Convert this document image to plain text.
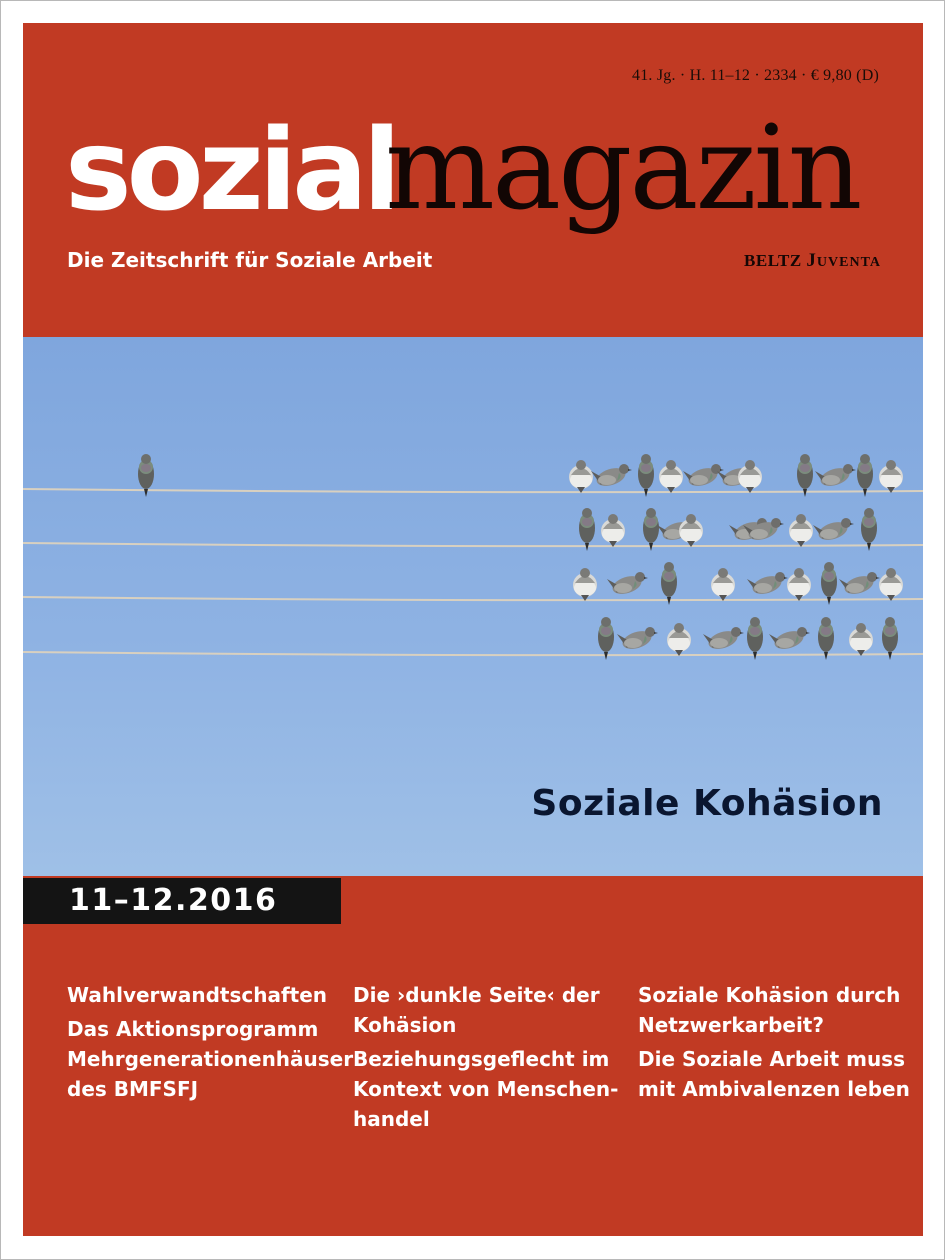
41. Jg. · H. 11–12 · 2334 · € 9,80 (D)
sozial
magazin
Die Zeitschrift für Soziale Arbeit	BELTZ JUVENTA
Soziale Kohäsion
11–12.2016
Wahlverwandtschaften
Das Aktionsprogramm
Mehrgenerationenhäuser
des BMFSFJ
Die ›dunkle Seite‹ der
Kohäsion
Beziehungsgeflecht im
Kontext von Menschen-
handel
Soziale Kohäsion durch
Netzwerkarbeit?
Die Soziale Arbeit muss
mit Ambivalenzen leben
